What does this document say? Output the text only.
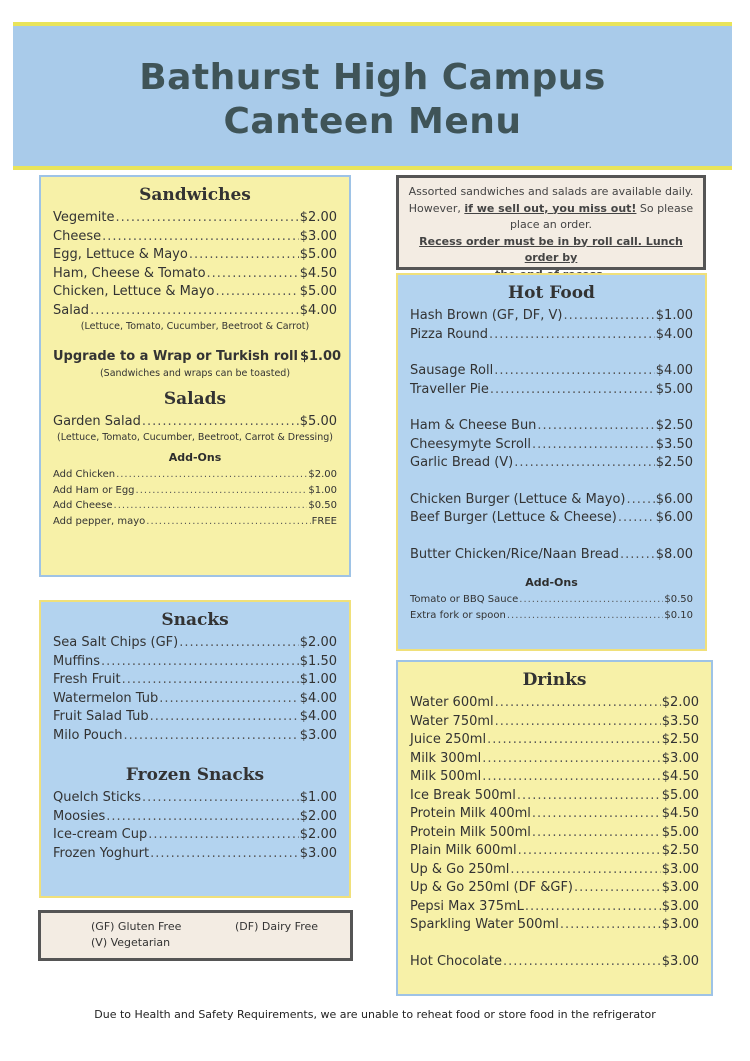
Bathurst High Campus
Canteen Menu
Sandwiches
Vegemite .....	$2.00
Cheese .....	$3.00
Egg, Lettuce & Mayo .....	$5.00
Ham, Cheese & Tomato .....	$4.50
Chicken, Lettuce & Mayo .....	$5.00
Salad .....	$4.00
(Lettuce, Tomato, Cucumber, Beetroot & Carrot)
Upgrade to a Wrap or Turkish roll $1.00
(Sandwiches and wraps can be toasted)
Salads
Garden Salad .....	$5.00
(Lettuce, Tomato, Cucumber, Beetroot, Carrot & Dressing)
Add-Ons
Add Chicken .....	$2.00
Add Ham or Egg .....	$1.00
Add Cheese .....	$0.50
Add pepper, mayo .....	FREE
Snacks
Sea Salt Chips (GF) .....	$2.00
Muffins .....	$1.50
Fresh Fruit .....	$1.00
Watermelon Tub .....	$4.00
Fruit Salad Tub .....	$4.00
Milo Pouch .....	$3.00
Frozen Snacks
Quelch Sticks .....	$1.00
Moosies .....	$2.00
Ice-cream Cup .....	$2.00
Frozen Yoghurt .....	$3.00
(GF) Gluten Free	(DF) Dairy Free
(V) Vegetarian
Assorted sandwiches and salads are available daily.
However, if we sell out, you miss out! So please
place an order.
Recess order must be in by roll call. Lunch order by
Hot Food
Hash Brown (GF, DF, V) .....	$1.00
Pizza Round .....	$4.00
Sausage Roll .....	$4.00
Traveller Pie .....	$5.00
Ham & Cheese Bun .....	$2.50
Cheesymyte Scroll .....	$3.50
Garlic Bread (V) .....	$2.50
Chicken Burger (Lettuce & Mayo) ..... $6.00
Beef Burger (Lettuce & Cheese) .....	$6.00
Butter Chicken/Rice/Naan Bread .....	$8.00
Add-Ons
Tomato or BBQ Sauce .....	$0.50
Extra fork or spoon .....	$0.10
Drinks
Water 600ml .....	$2.00
Water 750ml .....	$3.50
Juice 250ml .....	$2.50
Milk 300ml .....	$3.00
Milk 500ml .....	$4.50
Ice Break 500ml .....	$5.00
Protein Milk 400ml .....	$4.50
Protein Milk 500ml .....	$5.00
Plain Milk 600ml .....	$2.50
Up & Go 250ml .....	$3.00
Up & Go 250ml (DF &GF) .....	$3.00
Pepsi Max 375mL .....	$3.00
Sparkling Water 500ml .....	$3.00
Hot Chocolate .....	$3.00
Due to Health and Safety Requirements, we are unable to reheat food or store food in the refrigerator
